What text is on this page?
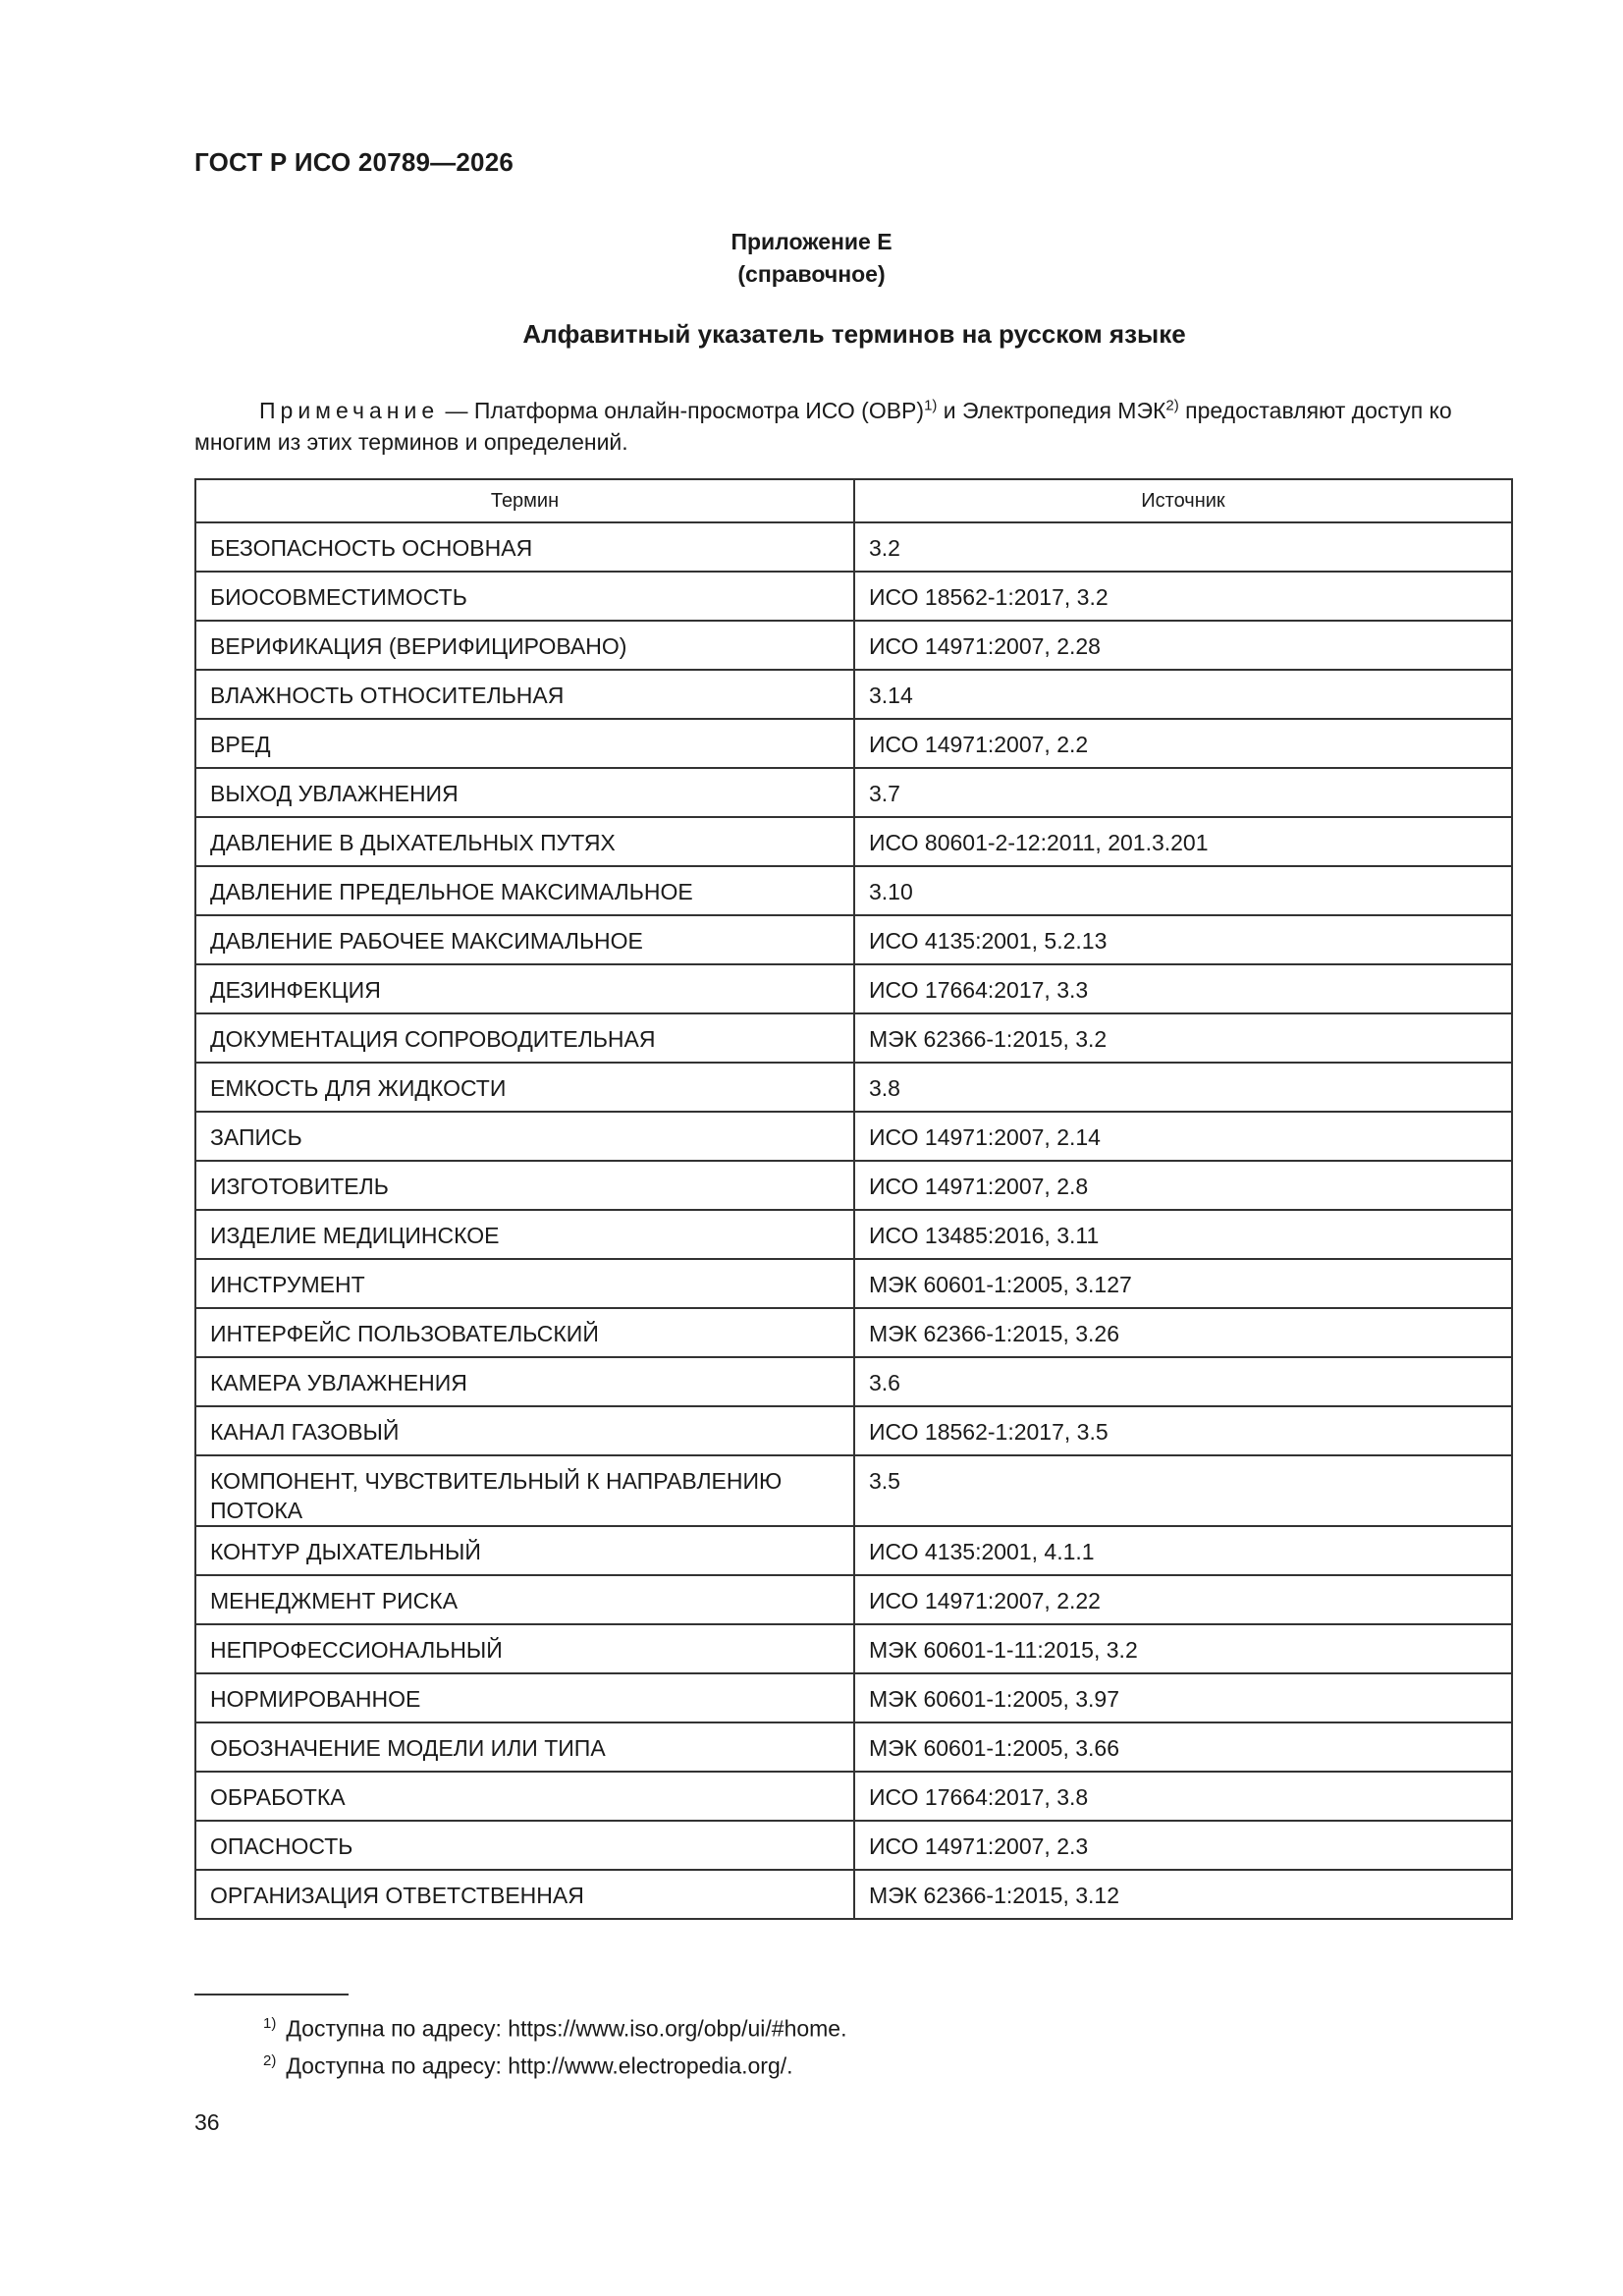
ГОСТ Р ИСО 20789—2026
Приложение Е
(справочное)
Алфавитный указатель терминов на русском языке
Примечание — Платформа онлайн-просмотра ИСО (OBP)$^{1)}$ и Электропедия МЭК$^{2)}$ предоставляют доступ ко многим из этих терминов и определений.
Термин	Источник
БЕЗОПАСНОСТЬ ОСНОВНАЯ	3.2
БИОСОВМЕСТИМОСТЬ	ИСО 18562-1:2017, 3.2
ВЕРИФИКАЦИЯ (ВЕРИФИЦИРОВАНО)	ИСО 14971:2007, 2.28
ВЛАЖНОСТЬ ОТНОСИТЕЛЬНАЯ	3.14
ВРЕД	ИСО 14971:2007, 2.2
ВЫХОД УВЛАЖНЕНИЯ	3.7
ДАВЛЕНИЕ В ДЫХАТЕЛЬНЫХ ПУТЯХ	ИСО 80601-2-12:2011, 201.3.201
ДАВЛЕНИЕ ПРЕДЕЛЬНОЕ МАКСИМАЛЬНОЕ	3.10
ДАВЛЕНИЕ РАБОЧЕЕ МАКСИМАЛЬНОЕ	ИСО 4135:2001, 5.2.13
ДЕЗИНФЕКЦИЯ	ИСО 17664:2017, 3.3
ДОКУМЕНТАЦИЯ СОПРОВОДИТЕЛЬНАЯ	МЭК 62366-1:2015, 3.2
ЕМКОСТЬ ДЛЯ ЖИДКОСТИ	3.8
ЗАПИСЬ	ИСО 14971:2007, 2.14
ИЗГОТОВИТЕЛЬ	ИСО 14971:2007, 2.8
ИЗДЕЛИЕ МЕДИЦИНСКОЕ	ИСО 13485:2016, 3.11
ИНСТРУМЕНТ	МЭК 60601-1:2005, 3.127
ИНТЕРФЕЙС ПОЛЬЗОВАТЕЛЬСКИЙ	МЭК 62366-1:2015, 3.26
КАМЕРА УВЛАЖНЕНИЯ	3.6
КАНАЛ ГАЗОВЫЙ	ИСО 18562-1:2017, 3.5
КОМПОНЕНТ, ЧУВСТВИТЕЛЬНЫЙ К НАПРАВЛЕНИЮ ПОТОКА	3.5
КОНТУР ДЫХАТЕЛЬНЫЙ	ИСО 4135:2001, 4.1.1
МЕНЕДЖМЕНТ РИСКА	ИСО 14971:2007, 2.22
НЕПРОФЕССИОНАЛЬНЫЙ	МЭК 60601-1-11:2015, 3.2
НОРМИРОВАННОЕ	МЭК 60601-1:2005, 3.97
ОБОЗНАЧЕНИЕ МОДЕЛИ ИЛИ ТИПА	МЭК 60601-1:2005, 3.66
ОБРАБОТКА	ИСО 17664:2017, 3.8
ОПАСНОСТЬ	ИСО 14971:2007, 2.3
ОРГАНИЗАЦИЯ ОТВЕТСТВЕННАЯ	МЭК 62366-1:2015, 3.12
$^{1)}$ Доступна по адресу: https://www.iso.org/obp/ui/#home.
$^{2)}$ Доступна по адресу: http://www.electropedia.org/.
36
